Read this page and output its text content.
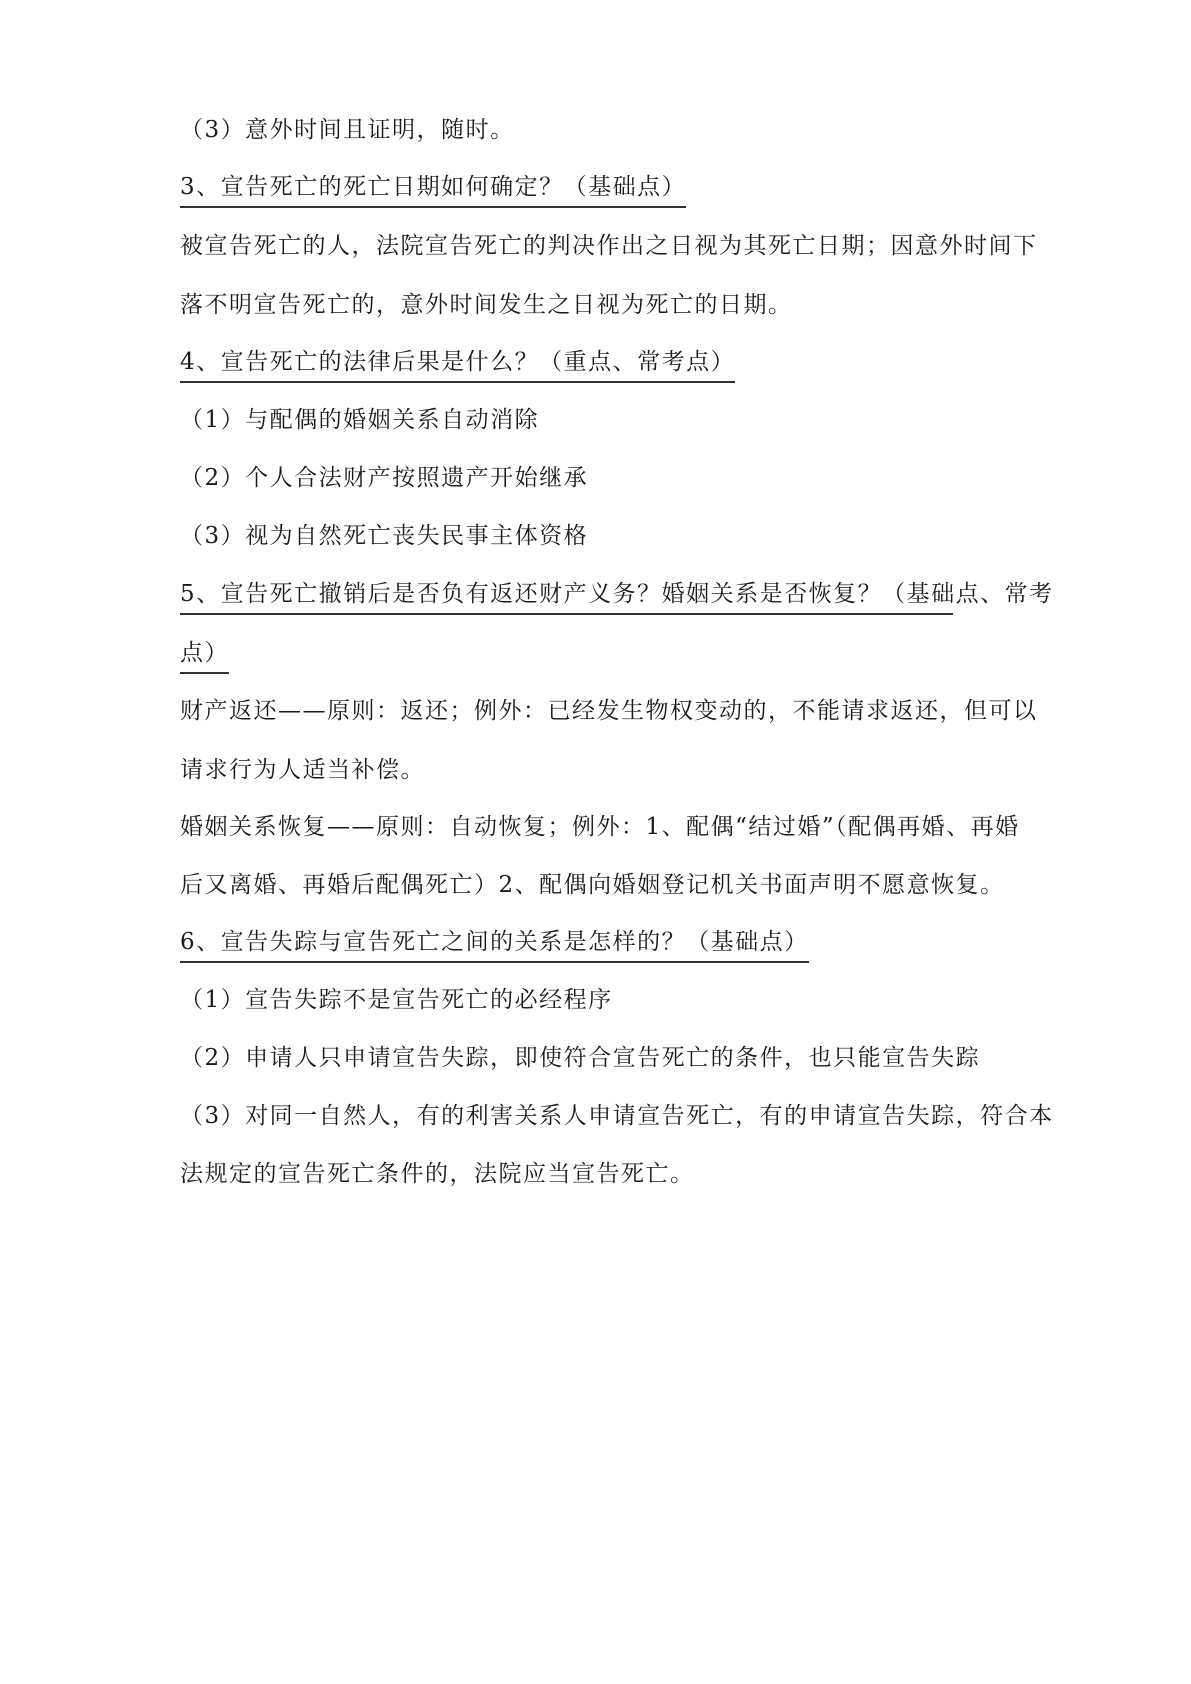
（3）意外时间且证明，随时。
3、宣告死亡的死亡日期如何确定？（基础点）
被宣告死亡的人，法院宣告死亡的判决作出之日视为其死亡日期；因意外时间下
落不明宣告死亡的，意外时间发生之日视为死亡的日期。
4、宣告死亡的法律后果是什么？（重点、常考点）
（1）与配偶的婚姻关系自动消除
（2）个人合法财产按照遗产开始继承
（3）视为自然死亡丧失民事主体资格
5、宣告死亡撤销后是否负有返还财产义务？婚姻关系是否恢复？（基础点、常考
点）
财产返还——原则：返还；例外：已经发生物权变动的，不能请求返还，但可以
请求行为人适当补偿。
婚姻关系恢复——原则：自动恢复；例外：1、配偶“结过婚”（配偶再婚、再婚
后又离婚、再婚后配偶死亡）2、配偶向婚姻登记机关书面声明不愿意恢复。
6、宣告失踪与宣告死亡之间的关系是怎样的？（基础点）
（1）宣告失踪不是宣告死亡的必经程序
（2）申请人只申请宣告失踪，即使符合宣告死亡的条件，也只能宣告失踪
（3）对同一自然人，有的利害关系人申请宣告死亡，有的申请宣告失踪，符合本
法规定的宣告死亡条件的，法院应当宣告死亡。
